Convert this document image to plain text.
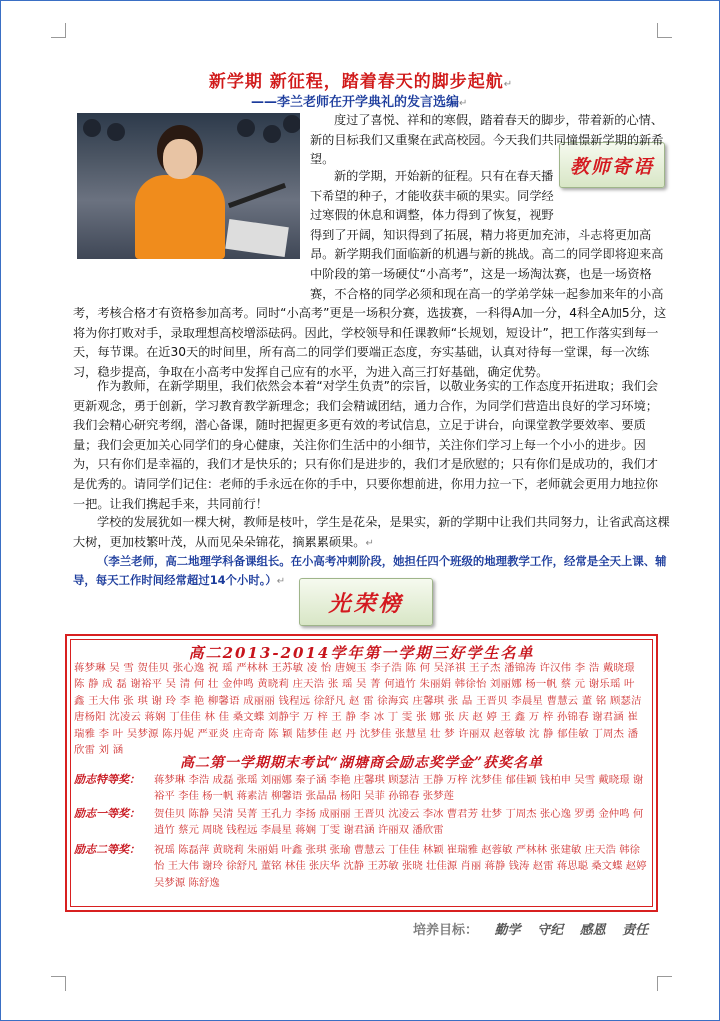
新学期 新征程，踏着春天的脚步起航↵
——李兰老师在开学典礼的发言选编↵
教师寄语
度过了喜悦、祥和的寒假，踏着春天的脚步，带着新的心情、新的目标我们又重聚在武高校园。今天我们共同憧憬新学期的新希望。
新的学期，开始新的征程。只有在春天播下希望的种子，才能收获丰硕的果实。同学经过寒假的休息和调整，体力得到了恢复，视野得到了开阔，知识得到了拓展，精力将更加充沛，斗志将更加高昂。新学期我们面临新的机遇与新的挑战。高二的同学即将迎来高中阶段的第一场硬仗“小高考”，这是一场淘汰赛，也是一场资格赛，不合格的同学必须和现在高一的学弟学妹一起参加来年的小高考，考核合格才有资格参加高考。同时“小高考”更是一场积分赛，选拔赛，一科得A加一分，4科全A加5分，这将为你打败对手，录取理想高校增添砝码。因此，学校领导和任课教师“长规划，短设计”，把工作落实到每一天，每节课。在近30天的时间里，所有高二的同学们要端正态度，夯实基础，认真对待每一堂课，每一次练习，稳步提高，争取在小高考中发挥自己应有的水平，为进入高三打好基础，确定优势。
作为教师，在新学期里，我们依然会本着“对学生负责”的宗旨，以敬业务实的工作态度开拓进取；我们会更新观念，勇于创新，学习教育教学新理念；我们会精诚团结，通力合作，为同学们营造出良好的学习环境；我们会精心研究考纲，潜心备课，随时把握更多更有效的考试信息，立足于讲台，向课堂教学要效率、要质量；我们会更加关心同学们的身心健康，关注你们生活中的小细节，关注你们学习上每一个小小的进步。因为，只有你们是幸福的，我们才是快乐的；只有你们是进步的，我们才是欣慰的；只有你们是成功的，我们才是优秀的。请同学们记住：老师的手永远在你的手中，只要你想前进，你用力拉一下，老师就会更用力地拉你一把。让我们携起手来，共同前行！
学校的发展犹如一棵大树，教师是枝叶，学生是花朵，是果实，新的学期中让我们共同努力，让省武高这棵大树，更加枝繁叶茂，从而见朵朵锦花，摘累累硕果。↵
（李兰老师，高二地理学科备课组长。在小高考冲刺阶段，她担任四个班级的地理教学工作，经常是全天上课、辅导，每天工作时间经常超过14个小时。）↵
光荣榜
高二2013-2014学年第一学期三好学生名单
蒋梦琳 吴 雪 贺佳贝 张心逸 祝 瑶 严林林 王苏敏 凌 怡 唐婉玉 李子浩 陈 何 吴泽祺 王子杰 潘锦涛 许汉伟 李 浩 戴晓璟 陈 静 成 磊 谢裕平 吴 清 何 壮 金仲鸣 黄晓莉 庄天浩 张 瑶 吴 菁 何逍竹 朱丽娟 韩徐怡 刘丽娜 杨一帆 蔡 元 谢乐瑶 叶 鑫 王大伟 张 琪 谢 玲 李 艳 柳馨语 成丽丽 钱程远 徐舒凡 赵 雷 徐海宾 庄馨琪 张 晶 王晋贝 李晨星 曹慧云 董 铭 顾瑟洁 唐杨阳 沈凌云 蒋娴 丁佳佳 林 佳 桑文蝶 刘静宇 万 梓 王 静 李 冰 丁 雯 张 娜 张 庆 赵 婷 王 鑫 万 梓 孙锦春 谢君涵 崔瑞雅 李 叶 吴梦源 陈丹妮 严亚炎 庄奇奇 陈 颖 陆梦佳 赵 丹 沈梦佳 张慧星 壮 梦 许丽双 赵蓉敏 沈 静 郁佳敏 丁周杰 潘欣雷 刘 涵
高二第一学期期末考试“湖塘商会励志奖学金”获奖名单
励志特等奖： 蒋梦琳 李浩 成磊 张瑶 刘丽娜 秦子涵 李艳 庄馨琪 顾瑟洁 王静 万梓 沈梦佳 郁佳颖 钱柏申 吴雪 戴晓璟 谢裕平 李佳 杨一帆 蒋素洁 柳馨语 张晶晶 杨阳 吴菲 孙锦春 张梦莲
励志一等奖： 贺佳贝 陈静 吴清 吴菁 王孔力 李扬 成丽丽 王晋贝 沈凌云 李冰 曹君芳 壮梦 丁周杰 张心逸 罗勇 金仲鸣 何逍竹 蔡元 周晓 钱程远 李晨星 蒋娴 丁雯 谢君涵 许丽双 潘欣雷
励志二等奖： 祝瑶 陈磊萍 黄晓莉 朱丽娟 叶鑫 张琪 张瑜 曹慧云 丁佳佳 林颖 崔瑞雅 赵蓉敏 严林林 张建敏 庄天浩 韩徐怡 王大伟 谢玲 徐舒凡 董铭 林佳 张庆华 沈静 王苏敏 张晓 壮佳源 肖丽 蒋静 钱涛 赵雷 蒋思聪 桑文蝶 赵婷 吴梦源 陈舒逸
培养目标： 勤学 守纪 感恩 责任
